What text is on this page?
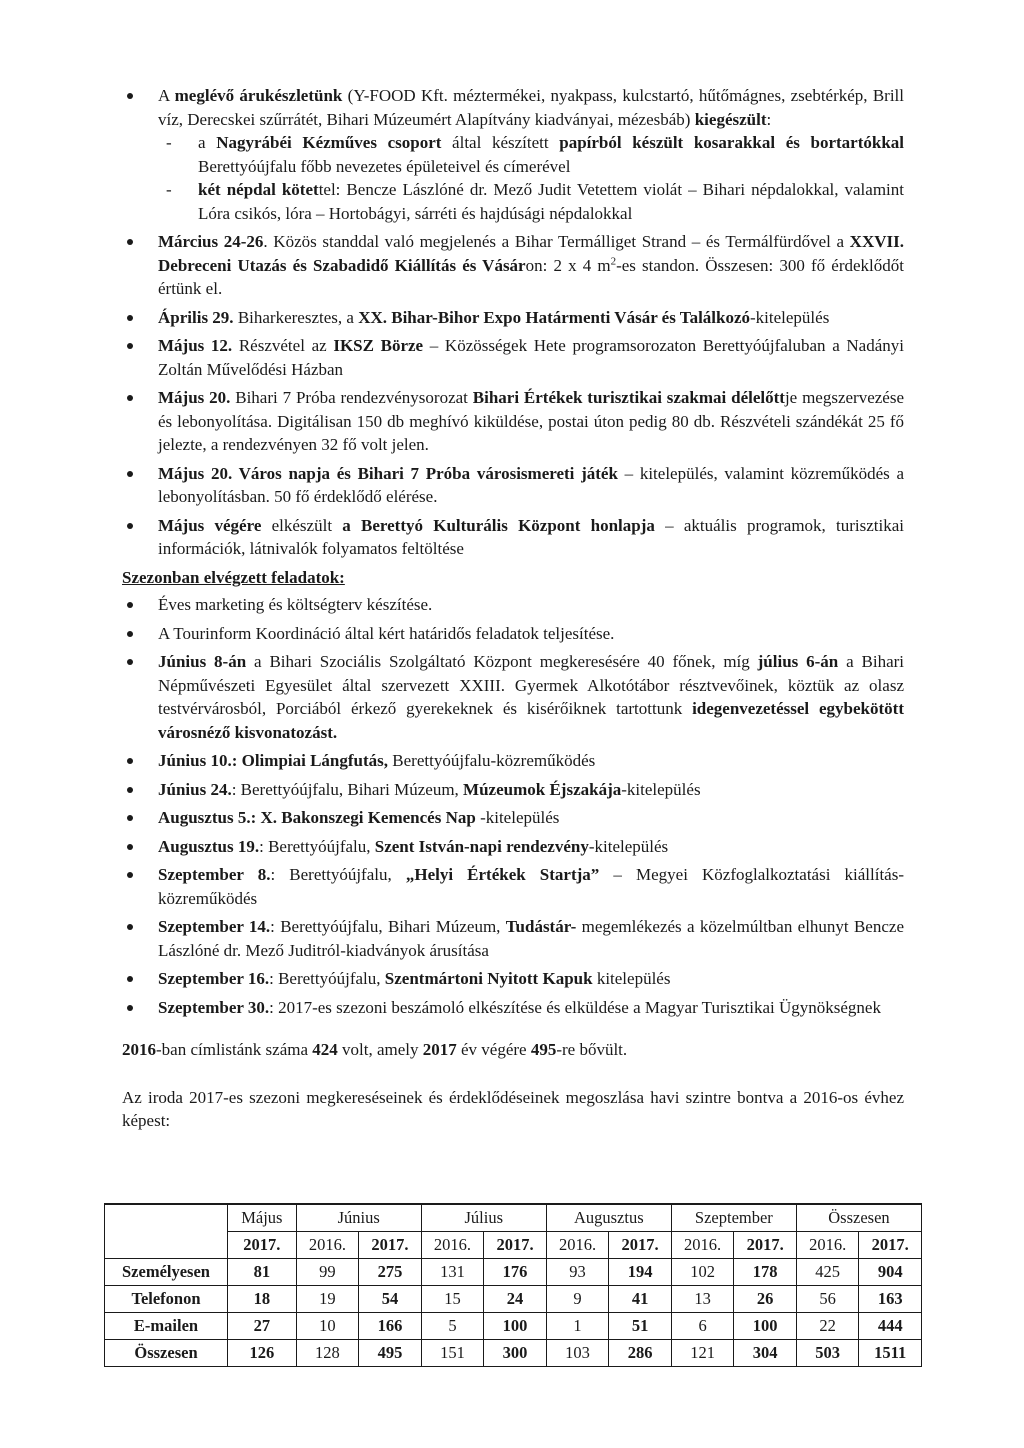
A meglévő árukészletünk (Y-FOOD Kft. méztermékei, nyakpass, kulcstartó, hűtőmágnes, zsebtérkép, Brill víz, Derecskei szűrrátét, Bihari Múzeumért Alapítvány kiadványai, mézesbáb) kiegészült:
- a Nagyrábéi Kézműves csoport által készített papírból készült kosarakkal és bortartókkal Berettyóújfalu főbb nevezetes épületeivel és címerével
- két népdal kötettel: Bencze Lászlóné dr. Mező Judit Vetettem violát – Bihari népdalokkal, valamint Lóra csikós, lóra – Hortobágyi, sárréti és hajdúsági népdalokkal
Március 24-26. Közös standdal való megjelenés a Bihar Termálliget Strand – és Termálfürdővel a XXVII. Debreceni Utazás és Szabadidő Kiállítás és Vásáron: 2 x 4 $m^2-es$ standon. Összesen: 300 fő érdeklődőt értünk el.
Április 29. Biharkeresztes, a XX. Bihar-Bihor Expo Határmenti Vásár és Találkozó-kitelepülés
Május 12. Részvétel az IKSZ Börze – Közösségek Hete programsorozaton Berettyóújfaluban a Nadányi Zoltán Művelődési Házban
Május 20. Bihari 7 Próba rendezvénysorozat Bihari Értékek turisztikai szakmai délelőttje megszervezése és lebonyolítása. Digitálisan 150 db meghívó kiküldése, postai úton pedig 80 db. Részvételi szándékát 25 fő jelezte, a rendezvényen 32 fő volt jelen.
Május 20. Város napja és Bihari 7 Próba városismereti játék – kitelepülés, valamint közreműködés a lebonyolításban. 50 fő érdeklődő elérése.
Május végére elkészült a Berettyó Kulturális Központ honlapja – aktuális programok, turisztikai információk, látnivalók folyamatos feltöltése
Szezonban elvégzett feladatok:
Éves marketing és költségterv készítése.
A Tourinform Koordináció által kért határidős feladatok teljesítése.
Június 8-án a Bihari Szociális Szolgáltató Központ megkeresésére 40 főnek, míg július 6-án a Bihari Népművészeti Egyesület által szervezett XXIII. Gyermek Alkotótábor résztvevőinek, köztük az olasz testvérvárosból, Porciából érkező gyerekeknek és kisérőiknek tartottunk idegenvezetéssel egybekötött városnéző kisvonatozást.
Június 10.: Olimpiai Lángfutás, Berettyóújfalu-közreműködés
Június 24.: Berettyóújfalu, Bihari Múzeum, Múzeumok Éjszakája-kitelepülés
Augusztus 5.: X. Bakonszegi Kemencés Nap -kitelepülés
Augusztus 19.: Berettyóújfalu, Szent István-napi rendezvény-kitelepülés
Szeptember 8.: Berettyóújfalu, „Helyi Értékek Startja” – Megyei Közfoglalkoztatási kiállítás- közreműködés
Szeptember 14.: Berettyóújfalu, Bihari Múzeum, Tudástár- megemlékezés a közelmúltban elhunyt Bencze Lászlóné dr. Mező Juditról-kiadványok árusítása
Szeptember 16.: Berettyóújfalu, Szentmártoni Nyitott Kapuk kitelepülés
Szeptember 30.: 2017-es szezoni beszámoló elkészítése és elküldése a Magyar Turisztikai Ügynökségnek

2016-ban címlistánk száma 424 volt, amely 2017 év végére 495-re bővült.

Az iroda 2017-es szezoni megkereséseinek és érdeklődéseinek megoszlása havi szintre bontva a 2016-os évhez képest:

	Május	Június		Július		Augusztus		Szeptember		Összesen	
	2017.	2016.	2017.	2016.	2017.	2016.	2017.	2016.	2017.	2016.	2017.
Személyesen	81	99	275	131	176	93	194	102	178	425	904
Telefonon	18	19	54	15	24	9	41	13	26	56	163
E-mailen	27	10	166	5	100	1	51	6	100	22	444
Összesen	126	128	495	151	300	103	286	121	304	503	1511
